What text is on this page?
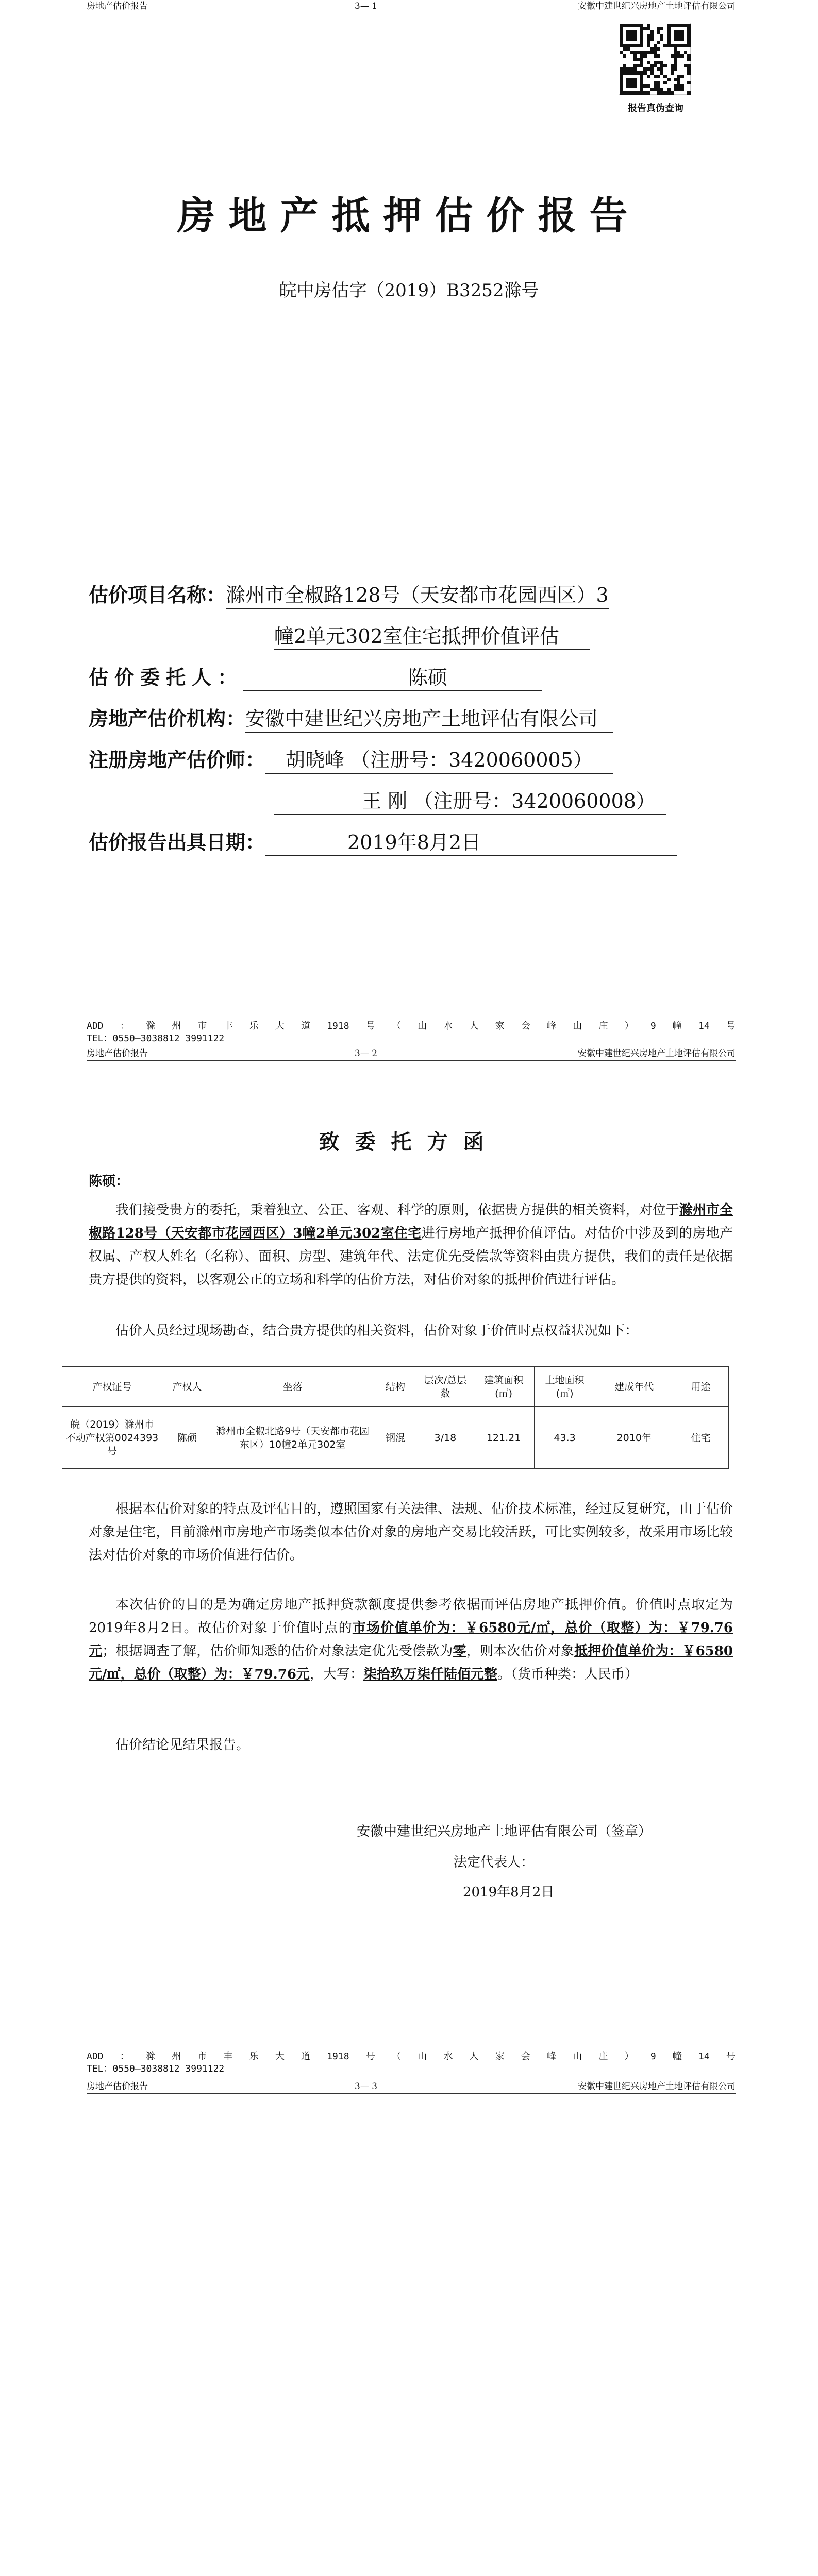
房地产估价报告	3— 1	安徽中建世纪兴房地产土地评估有限公司
报告真伪查询
房地产抵押估价报告
皖中房估字（2019）B3252滁号
估价项目名称：滁州市全椒路128号（天安都市花园西区）3
幢2单元302室住宅抵押价值评估
估价委托人：	陈硕
房地产估价机构：安徽中建世纪兴房地产土地评估有限公司
注册房地产估价师： 胡晓峰 （注册号：3420060005）
王 刚 （注册号：3420060008）
估价报告出具日期：	2019年8月2日
ADD ： 滁 州 市 丰 乐 大 道 1918 号 （ 山 水 人 家 会 峰 山 庄 ） 9 幢 14 号
TEL：0550—3038812 3991122
房地产估价报告	3— 2	安徽中建世纪兴房地产土地评估有限公司
致委托方函
陈硕：
我们接受贵方的委托，秉着独立、公正、客观、科学的原则，依据贵方提供的相关资料，对位于滁州市全椒路128号（天安都市花园西区）3幢2单元302室住宅进行房地产抵押价值评估。对估价中涉及到的房地产权属、产权人姓名（名称）、面积、房型、建筑年代、法定优先受偿款等资料由贵方提供，我们的责任是依据贵方提供的资料，以客观公正的立场和科学的估价方法，对估价对象的抵押价值进行评估。
估价人员经过现场勘查，结合贵方提供的相关资料，估价对象于价值时点权益状况如下：
产权证号	产权人	坐落	结构	层次/总层数	建筑面积(㎡)	土地面积(㎡)	建成年代	用途
皖（2019）滁州市不动产权第0024393号	陈硕	滁州市全椒北路9号（天安都市花园东区）10幢2单元302室	钢混	3/18	121.21	43.3	2010年	住宅
根据本估价对象的特点及评估目的，遵照国家有关法律、法规、估价技术标准，经过反复研究，由于估价对象是住宅，目前滁州市房地产市场类似本估价对象的房地产交易比较活跃，可比实例较多，故采用市场比较法对估价对象的市场价值进行估价。
本次估价的目的是为确定房地产抵押贷款额度提供参考依据而评估房地产抵押价值。价值时点取定为2019年8月2日。故估价对象于价值时点的市场价值单价为：￥6580元/㎡，总价（取整）为：￥79.76元；根据调查了解，估价师知悉的估价对象法定优先受偿款为零，则本次估价对象抵押价值单价为：￥6580元/㎡，总价（取整）为：￥79.76元，大写：柒拾玖万柒仟陆佰元整。（货币种类：人民币）
估价结论见结果报告。
安徽中建世纪兴房地产土地评估有限公司（签章）
法定代表人：
2019年8月2日
ADD ： 滁 州 市 丰 乐 大 道 1918 号 （ 山 水 人 家 会 峰 山 庄 ） 9 幢 14 号
TEL：0550—3038812 3991122
房地产估价报告	3— 3	安徽中建世纪兴房地产土地评估有限公司
